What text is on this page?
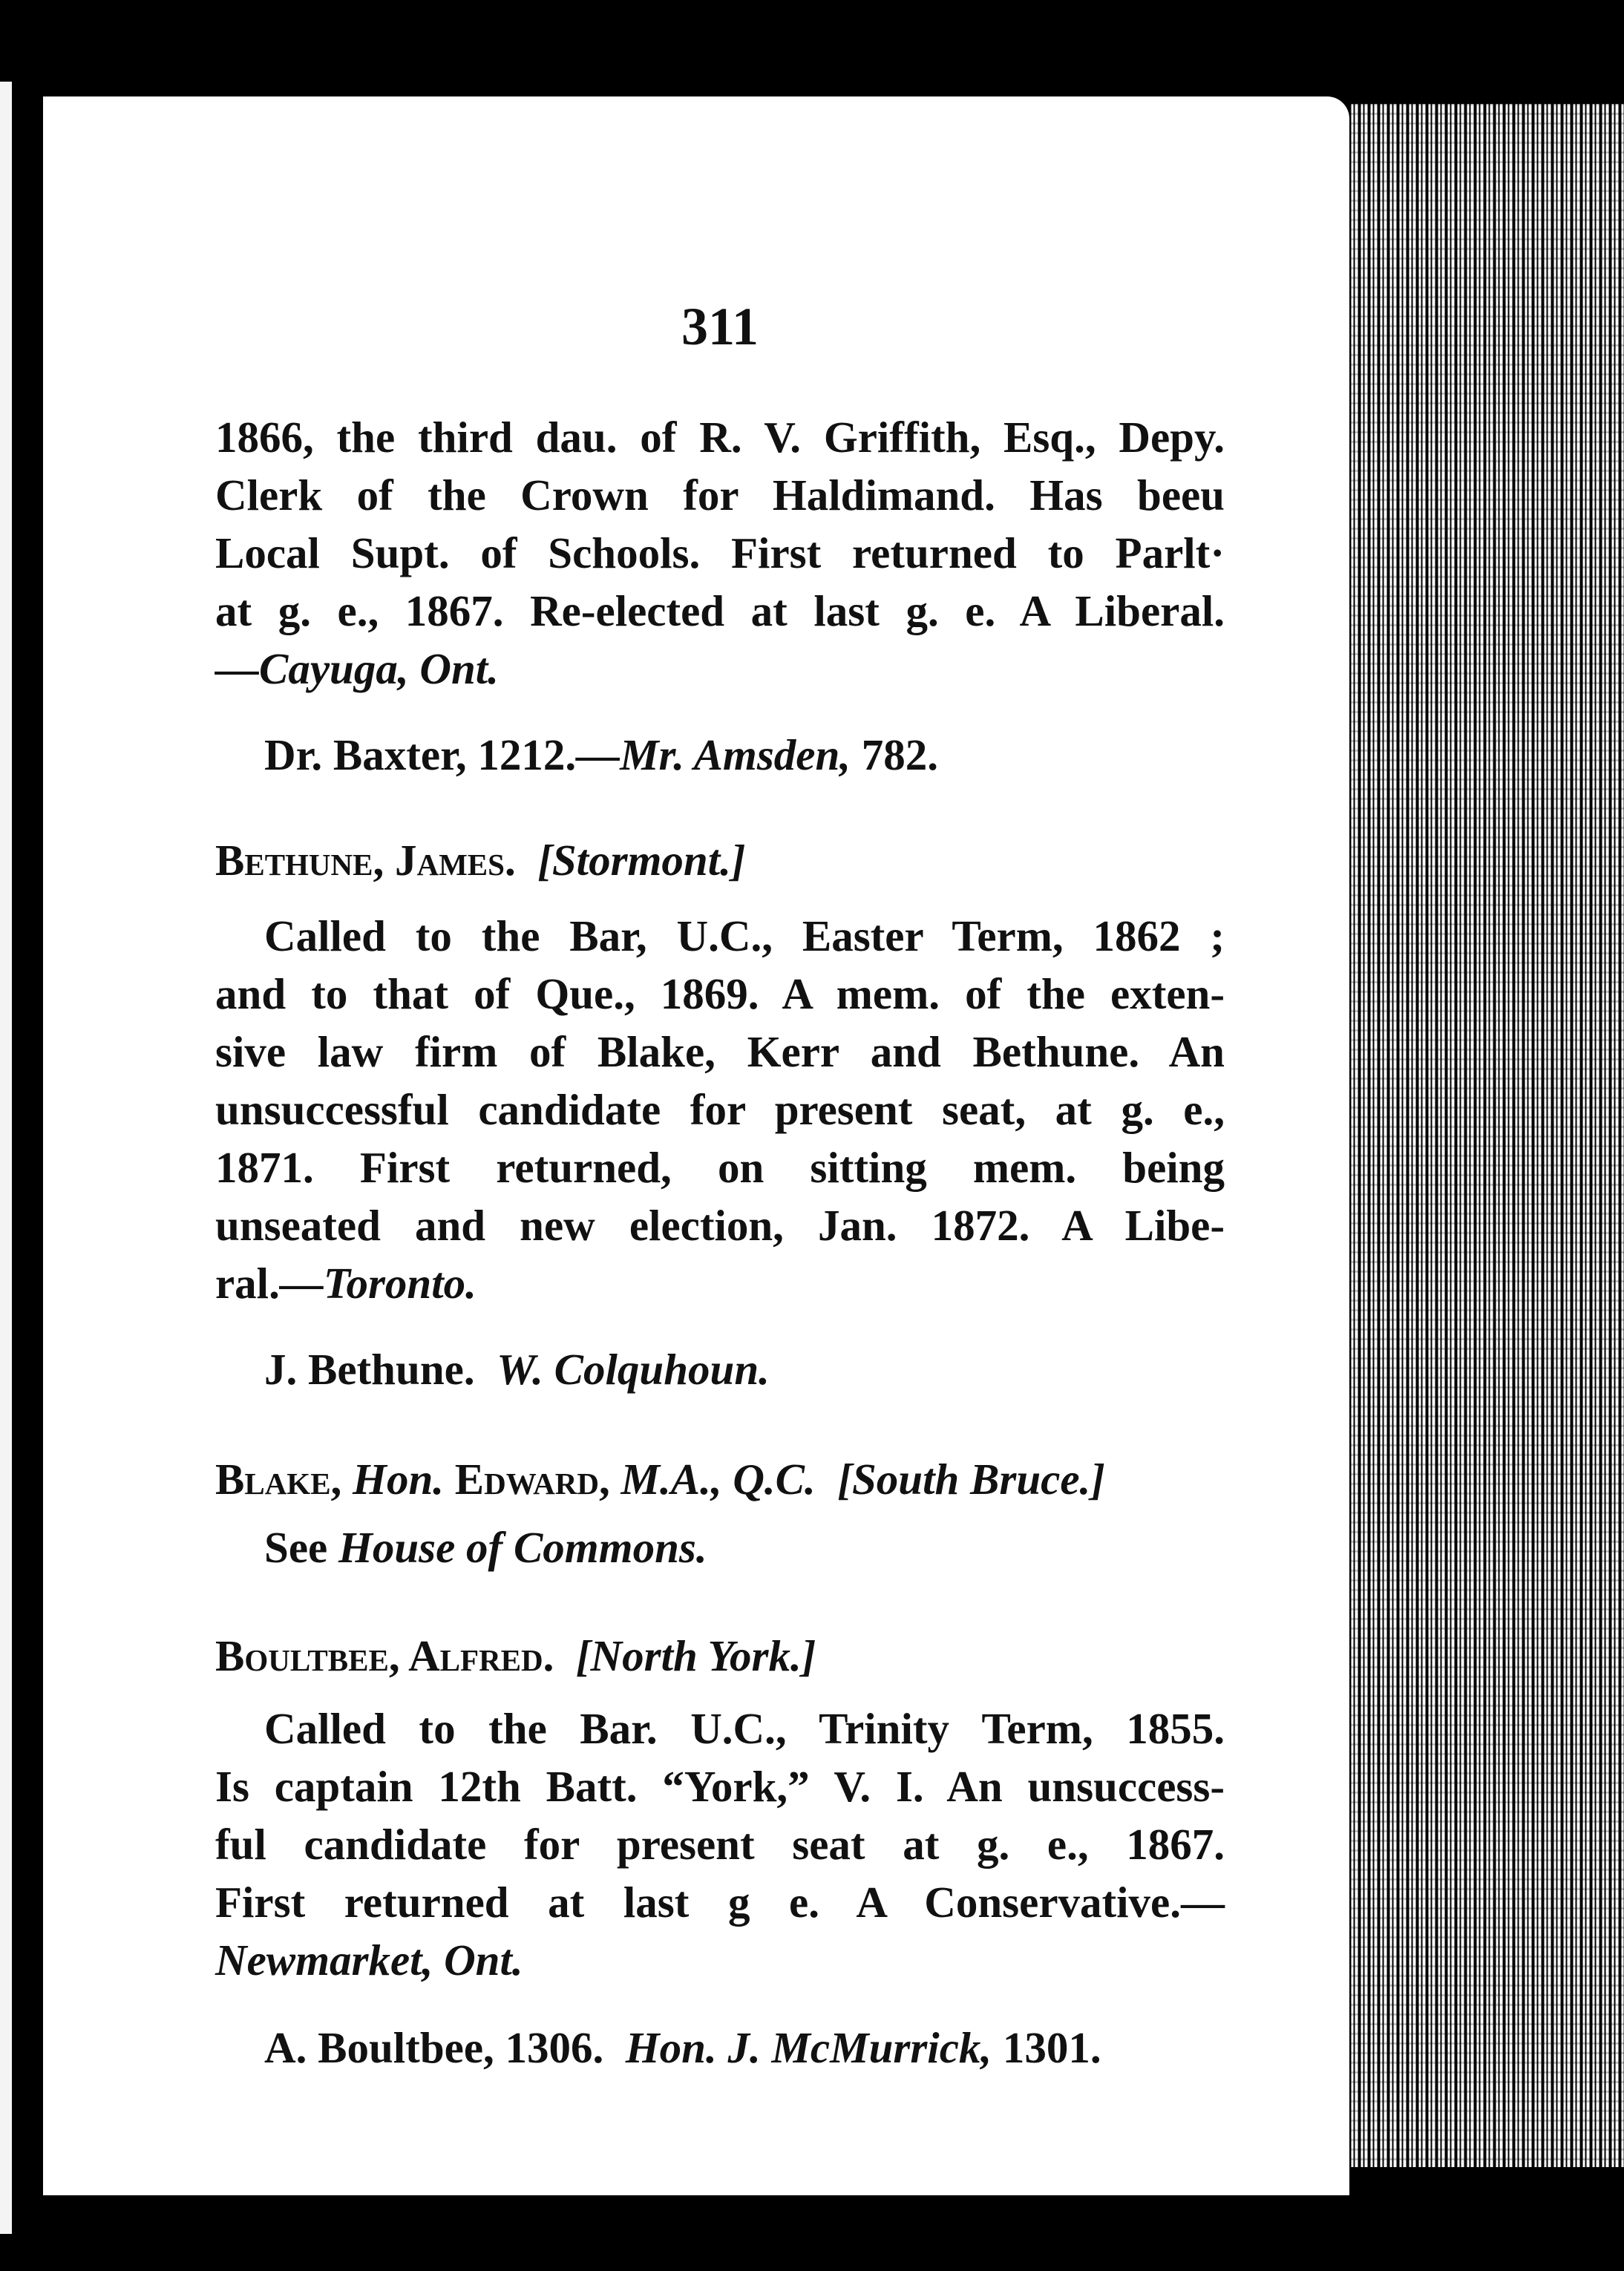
311
1866, the third dau. of R. V. Griffith, Esq., Depy.
Clerk of the Crown for Haldimand. Has beeu
Local Supt. of Schools. First returned to Parlt·
at g. e., 1867. Re-elected at last g. e. A Liberal.
—Cayuga, Ont.
Dr. Baxter, 1212.—Mr. Amsden, 782.
Bethune, James. [Stormont.]
Called to the Bar, U.C., Easter Term, 1862 ;
and to that of Que., 1869. A mem. of the exten-
sive law firm of Blake, Kerr and Bethune. An
unsuccessful candidate for present seat, at g. e.,
1871. First returned, on sitting mem. being
unseated and new election, Jan. 1872. A Libe-
ral.—Toronto.
J. Bethune. W. Colquhoun.
Blake, Hon. Edward, M.A., Q.C. [South Bruce.]
See House of Commons.
Boultbee, Alfred. [North York.]
Called to the Bar. U.C., Trinity Term, 1855.
Is captain 12th Batt. “York,” V. I. An unsuccess-
ful candidate for present seat at g. e., 1867.
First returned at last g e. A Conservative.—
Newmarket, Ont.
A. Boultbee, 1306. Hon. J. McMurrick, 1301.
